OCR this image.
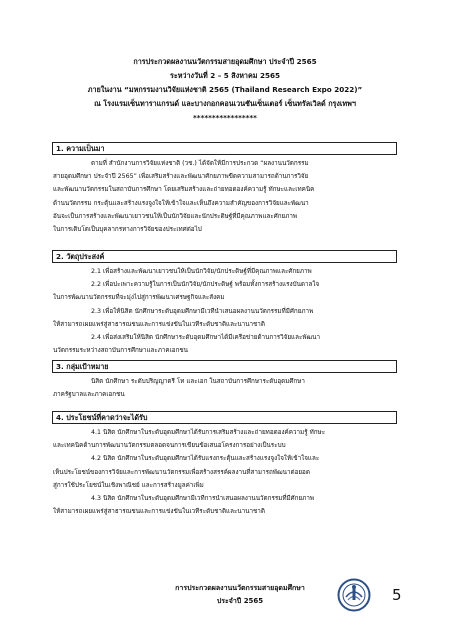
การประกวดผลงานนวัตกรรมสายอุดมศึกษา ประจำปี 2565
ระหว่างวันที่ 2 – 5 สิงหาคม 2565
ภายในงาน “มหกรรมงานวิจัยแห่งชาติ 2565 (Thailand Research Expo 2022)”
ณ โรงแรมเซ็นทาราแกรนด์ และบางกอกคอนเวนชันเซ็นเตอร์ เซ็นทรัลเวิลด์ กรุงเทพฯ
*****************
1. ความเป็นมา
ตามที่ สำนักงานการวิจัยแห่งชาติ (วช.) ได้จัดให้มีการประกวด “ผลงานนวัตกรรม
สายอุดมศึกษา ประจำปี 2565” เพื่อเสริมสร้างและพัฒนาศักยภาพขีดความสามารถด้านการวิจัย
และพัฒนานวัตกรรมในสถาบันการศึกษา โดยเสริมสร้างและถ่ายทอดองค์ความรู้ ทักษะและเทคนิค
ด้านนวัตกรรม กระตุ้นและสร้างแรงจูงใจให้เข้าใจและเห็นถึงความสำคัญของการวิจัยและพัฒนา
อันจะเป็นการสร้างและพัฒนาเยาวชนให้เป็นนักวิจัยและนักประดิษฐ์ที่มีคุณภาพและศักยภาพ
ในการเติบโตเป็นบุคลากรทางการวิจัยของประเทศต่อไป
2. วัตถุประสงค์
2.1 เพื่อสร้างและพัฒนาเยาวชนให้เป็นนักวิจัย/นักประดิษฐ์ที่มีคุณภาพและศักยภาพ
2.2 เพื่อปะเพาะความรู้ในการเป็นนักวิจัย/นักประดิษฐ์ พร้อมทั้งการสร้างแรงบันดาลใจ
ในการพัฒนานวัตกรรมที่จะมุ่งไปสู่การพัฒนาเศรษฐกิจและสังคม
2.3 เพื่อให้นิสิต นักศึกษาระดับอุดมศึกษามีเวทีนำเสนอผลงานนวัตกรรมที่มีศักยภาพ
ให้สามารถเผยแพร่สู่สาธารณชนและการแข่งขันในเวทีระดับชาติและนานาชาติ
2.4 เพื่อส่งเสริมให้นิสิต นักศึกษาระดับอุดมศึกษาได้มีเครือข่ายด้านการวิจัยและพัฒนา
นวัตกรรมระหว่างสถาบันการศึกษาและภาคเอกชน
3. กลุ่มเป้าหมาย
นิสิต นักศึกษา ระดับปริญญาตรี โท และเอก ในสถาบันการศึกษาระดับอุดมศึกษา
ภาครัฐบาลและภาคเอกชน
4. ประโยชน์ที่คาดว่าจะได้รับ
4.1 นิสิต นักศึกษาในระดับอุดมศึกษาได้รับการเสริมสร้างและถ่ายทอดองค์ความรู้ ทักษะ
และเทคนิคด้านการพัฒนานวัตกรรมตลอดจนการเขียนข้อเสนอโครงการอย่างเป็นระบบ
4.2 นิสิต นักศึกษาในระดับอุดมศึกษาได้รับแรงกระตุ้นและสร้างแรงจูงใจให้เข้าใจและ
เห็นประโยชน์ของการวิจัยและการพัฒนานวัตกรรมเพื่อสร้างสรรค์ผลงานที่สามารถพัฒนาต่อยอด
สู่การใช้ประโยชน์ในเชิงพาณิชย์ และการสร้างมูลค่าเพิ่ม
4.3 นิสิต นักศึกษาในระดับอุดมศึกษามีเวทีการนำเสนอผลงานนวัตกรรมที่มีศักยภาพ
ให้สามารถเผยแพร่สู่สาธารณชนและการแข่งขันในเวทีระดับชาติและนานาชาติ
การประกวดผลงานนวัตกรรมสายอุดมศึกษา
ประจำปี 2565	5
